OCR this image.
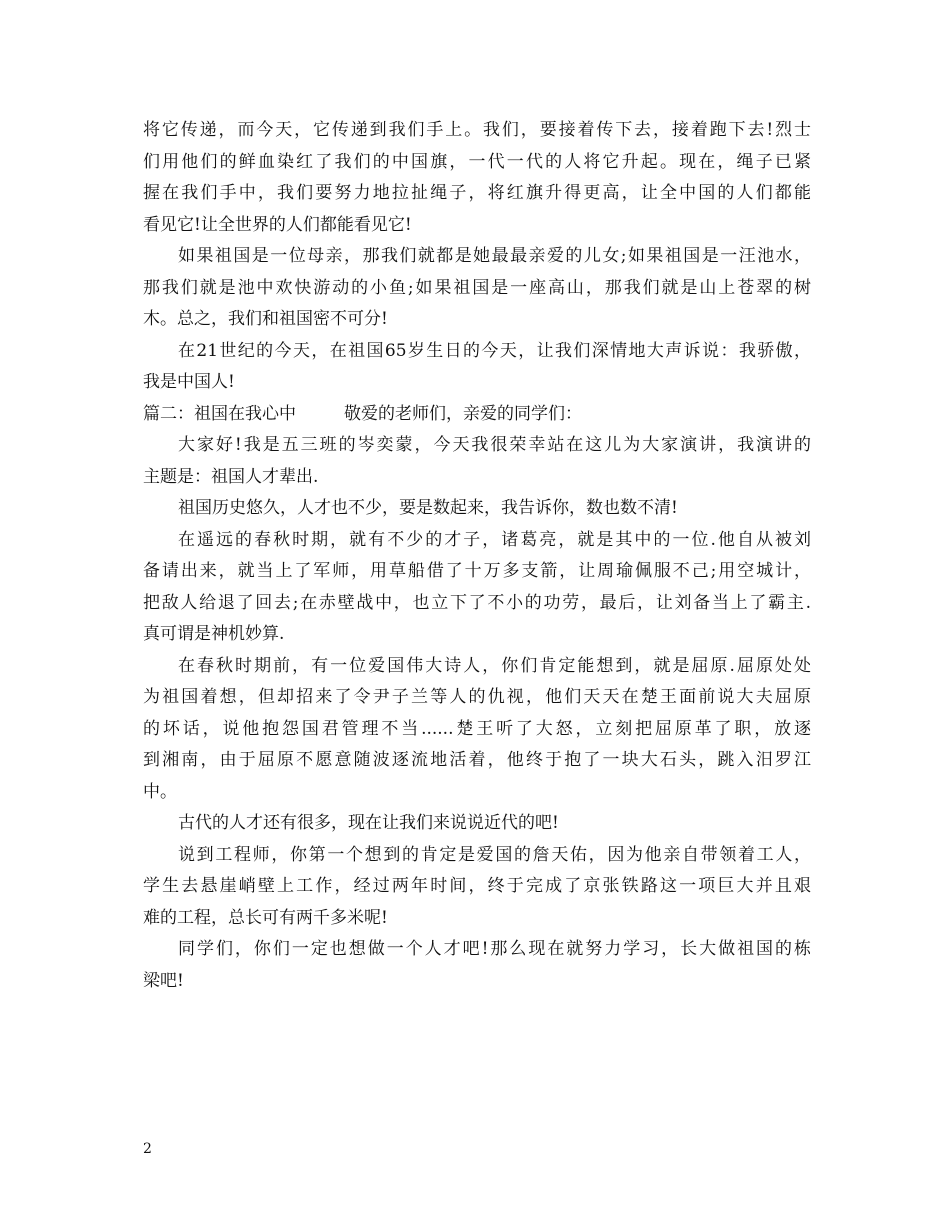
将它传递，而今天，它传递到我们手上。我们，要接着传下去，接着跑下去!烈士
们用他们的鲜血染红了我们的中国旗，一代一代的人将它升起。现在，绳子已紧
握在我们手中，我们要努力地拉扯绳子，将红旗升得更高，让全中国的人们都能
看见它!让全世界的人们都能看见它!
如果祖国是一位母亲，那我们就都是她最最亲爱的儿女;如果祖国是一汪池水，
那我们就是池中欢快游动的小鱼;如果祖国是一座高山，那我们就是山上苍翠的树
木。总之，我们和祖国密不可分!
在21世纪的今天，在祖国65岁生日的今天，让我们深情地大声诉说：我骄傲，
我是中国人!
篇二：祖国在我心中	敬爱的老师们，亲爱的同学们：
大家好!我是五三班的岑奕蒙，今天我很荣幸站在这儿为大家演讲，我演讲的
主题是：祖国人才辈出.
祖国历史悠久，人才也不少，要是数起来，我告诉你，数也数不清!
在遥远的春秋时期，就有不少的才子，诸葛亮，就是其中的一位.他自从被刘
备请出来，就当上了军师，用草船借了十万多支箭，让周瑜佩服不己;用空城计，
把敌人给退了回去;在赤壁战中，也立下了不小的功劳，最后，让刘备当上了霸主.
真可谓是神机妙算.
在春秋时期前，有一位爱国伟大诗人，你们肯定能想到，就是屈原.屈原处处
为祖国着想，但却招来了令尹子兰等人的仇视，他们天天在楚王面前说大夫屈原
的坏话，说他抱怨国君管理不当......楚王听了大怒，立刻把屈原革了职，放逐
到湘南，由于屈原不愿意随波逐流地活着，他终于抱了一块大石头，跳入汨罗江
中。
古代的人才还有很多，现在让我们来说说近代的吧!
说到工程师，你第一个想到的肯定是爱国的詹天佑，因为他亲自带领着工人，
学生去悬崖峭壁上工作，经过两年时间，终于完成了京张铁路这一项巨大并且艰
难的工程，总长可有两千多米呢!
同学们，你们一定也想做一个人才吧!那么现在就努力学习，长大做祖国的栋
梁吧!
2
